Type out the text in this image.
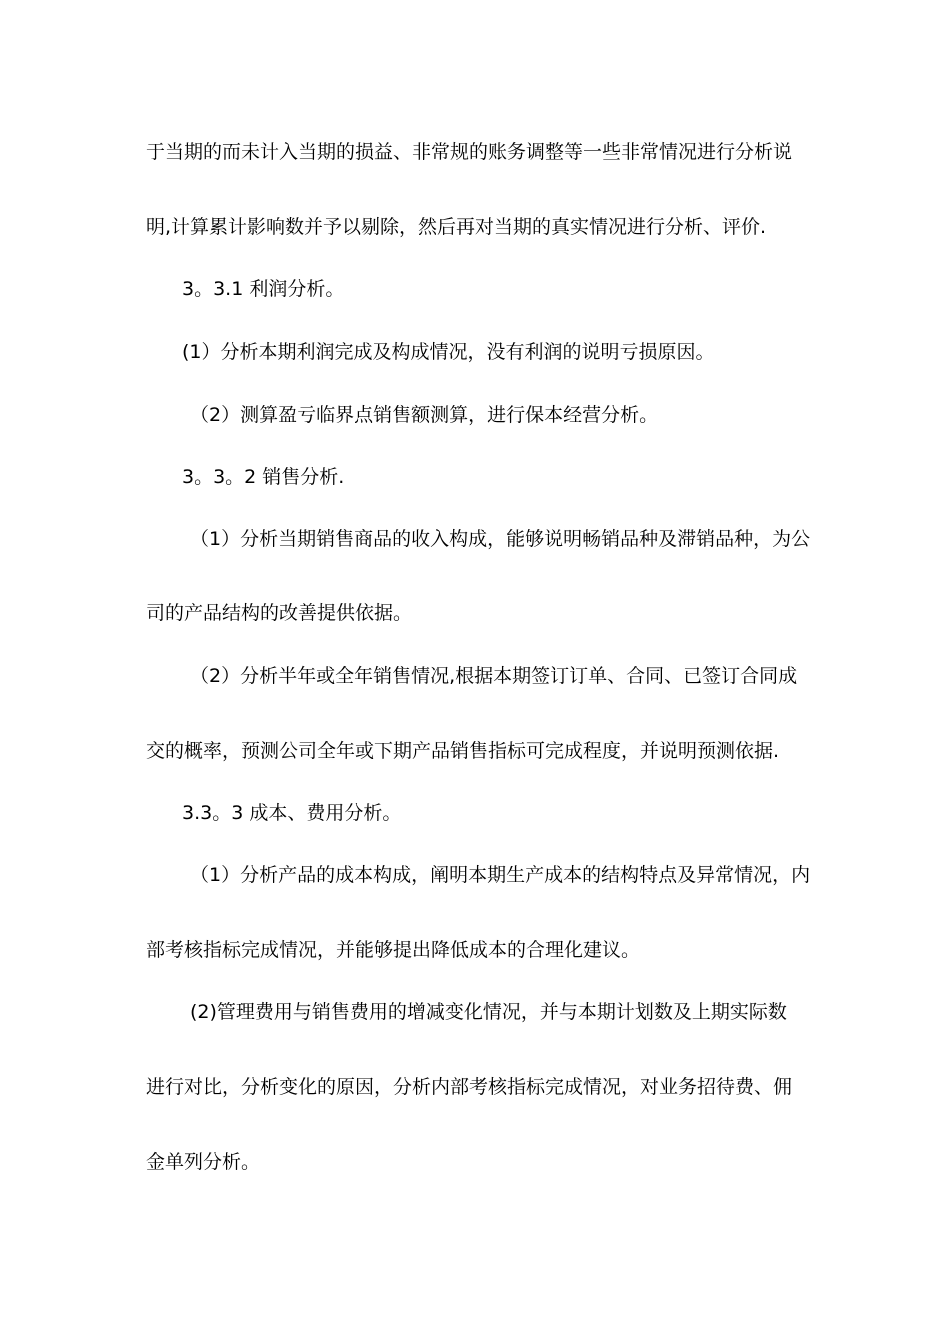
于当期的而未计入当期的损益、非常规的账务调整等一些非常情况进行分析说
明,计算累计影响数并予以剔除，然后再对当期的真实情况进行分析、评价.
3。3.1 利润分析。
(1）分析本期利润完成及构成情况，没有利润的说明亏损原因。
（2）测算盈亏临界点销售额测算，进行保本经营分析。
3。3。2 销售分析.
（1）分析当期销售商品的收入构成，能够说明畅销品种及滞销品种，为公
司的产品结构的改善提供依据。
（2）分析半年或全年销售情况,根据本期签订订单、合同、已签订合同成
交的概率，预测公司全年或下期产品销售指标可完成程度，并说明预测依据.
3.3。3 成本、费用分析。
（1）分析产品的成本构成，阐明本期生产成本的结构特点及异常情况，内
部考核指标完成情况，并能够提出降低成本的合理化建议。
(2)管理费用与销售费用的增减变化情况，并与本期计划数及上期实际数
进行对比，分析变化的原因，分析内部考核指标完成情况，对业务招待费、佣
金单列分析。
